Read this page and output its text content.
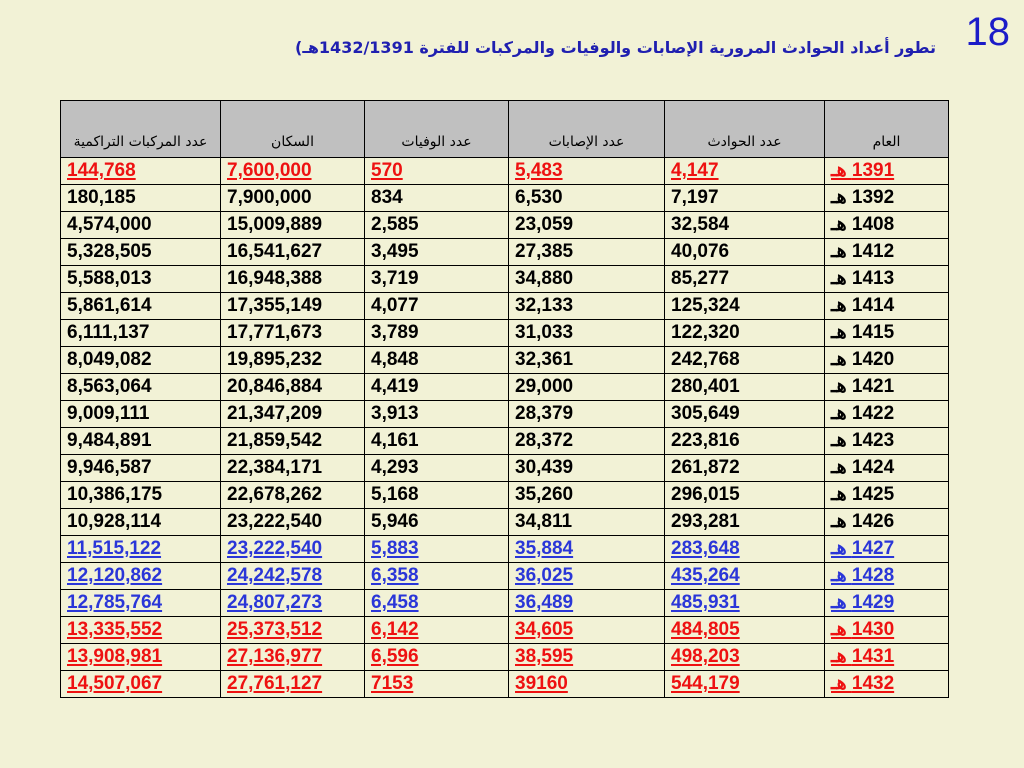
18
تطور أعداد الحوادث المرورية الإصابات والوفيات والمركبات للفترة 1432/1391هـ)
عدد المركبات التراكمية	السكان	عدد الوفيات	عدد الإصابات	عدد الحوادث	العام
144,768	7,600,000	570	5,483	4,147	1391 هـ
180,185	7,900,000	834	6,530	7,197	1392 هـ
4,574,000	15,009,889	2,585	23,059	32,584	1408 هـ
5,328,505	16,541,627	3,495	27,385	40,076	1412 هـ
5,588,013	16,948,388	3,719	34,880	85,277	1413 هـ
5,861,614	17,355,149	4,077	32,133	125,324	1414 هـ
6,111,137	17,771,673	3,789	31,033	122,320	1415 هـ
8,049,082	19,895,232	4,848	32,361	242,768	1420 هـ
8,563,064	20,846,884	4,419	29,000	280,401	1421 هـ
9,009,111	21,347,209	3,913	28,379	305,649	1422 هـ
9,484,891	21,859,542	4,161	28,372	223,816	1423 هـ
9,946,587	22,384,171	4,293	30,439	261,872	1424 هـ
10,386,175	22,678,262	5,168	35,260	296,015	1425 هـ
10,928,114	23,222,540	5,946	34,811	293,281	1426 هـ
11,515,122	23,222,540	5,883	35,884	283,648	1427 هـ
12,120,862	24,242,578	6,358	36,025	435,264	1428 هـ
12,785,764	24,807,273	6,458	36,489	485,931	1429 هـ
13,335,552	25,373,512	6,142	34,605	484,805	1430 هـ
13,908,981	27,136,977	6,596	38,595	498,203	1431 هـ
14,507,067	27,761,127	7153	39160	544,179	1432 هـ
